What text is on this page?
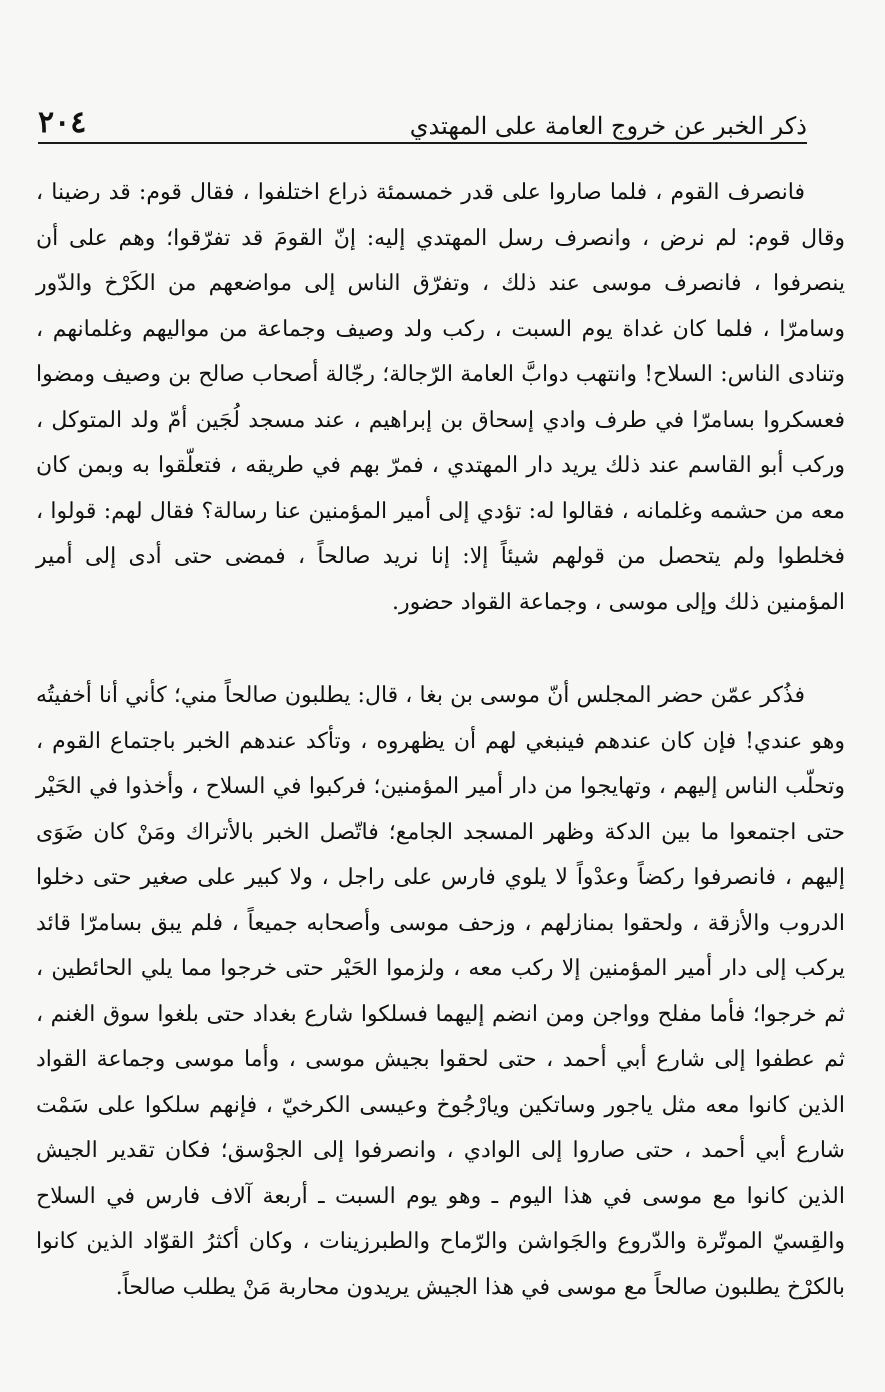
٢٠٤	ذكر الخبر عن خروج العامة على المهتدي

فانصرف القوم ، فلما صاروا على قدر خمسمئة ذراع اختلفوا ، فقال قوم: قد رضينا ، وقال قوم: لم نرض ، وانصرف رسل المهتدي إليه: إنّ القومَ قد تفرّقوا؛ وهم على أن ينصرفوا ، فانصرف موسى عند ذلك ، وتفرّق الناس إلى مواضعهم من الكَرْخ والدّور وسامرّا ، فلما كان غداة يوم السبت ، ركب ولد وصيف وجماعة من مواليهم وغلمانهم ، وتنادى الناس: السلاح! وانتهب دوابَّ العامة الرّجالة؛ رجّالة أصحاب صالح بن وصيف ومضوا فعسكروا بسامرّا في طرف وادي إسحاق بن إبراهيم ، عند مسجد لُجَين أمّ ولد المتوكل ، وركب أبو القاسم عند ذلك يريد دار المهتدي ، فمرّ بهم في طريقه ، فتعلّقوا به وبمن كان معه من حشمه وغلمانه ، فقالوا له: تؤدي إلى أمير المؤمنين عنا رسالة؟ فقال لهم: قولوا ، فخلطوا ولم يتحصل من قولهم شيئاً إلا: إنا نريد صالحاً ، فمضى حتى أدى إلى أمير المؤمنين ذلك وإلى موسى ، وجماعة القواد حضور.

فذُكر عمّن حضر المجلس أنّ موسى بن بغا ، قال: يطلبون صالحاً مني؛ كأني أنا أخفيتُه وهو عندي! فإن كان عندهم فينبغي لهم أن يظهروه ، وتأكد عندهم الخبر باجتماع القوم ، وتحلّب الناس إليهم ، وتهايجوا من دار أمير المؤمنين؛ فركبوا في السلاح ، وأخذوا في الحَيْر حتى اجتمعوا ما بين الدكة وظهر المسجد الجامع؛ فاتّصل الخبر بالأتراك ومَنْ كان ضَوَى إليهم ، فانصرفوا ركضاً وعدْواً لا يلوي فارس على راجل ، ولا كبير على صغير حتى دخلوا الدروب والأزقة ، ولحقوا بمنازلهم ، وزحف موسى وأصحابه جميعاً ، فلم يبق بسامرّا قائد يركب إلى دار أمير المؤمنين إلا ركب معه ، ولزموا الحَيْر حتى خرجوا مما يلي الحائطين ، ثم خرجوا؛ فأما مفلح وواجن ومن انضم إليهما فسلكوا شارع بغداد حتى بلغوا سوق الغنم ، ثم عطفوا إلى شارع أبي أحمد ، حتى لحقوا بجيش موسى ، وأما موسى وجماعة القواد الذين كانوا معه مثل ياجور وساتكين ويارْجُوخ وعيسى الكرخيّ ، فإنهم سلكوا على سَمْت شارع أبي أحمد ، حتى صاروا إلى الوادي ، وانصرفوا إلى الجوْسق؛ فكان تقدير الجيش الذين كانوا مع موسى في هذا اليوم ـ وهو يوم السبت ـ أربعة آلاف فارس في السلاح والقِسيّ الموتّرة والدّروع والجَواشن والرّماح والطبرزينات ، وكان أكثرُ القوّاد الذين كانوا بالكرْخ يطلبون صالحاً مع موسى في هذا الجيش يريدون محاربة مَنْ يطلب صالحاً.
